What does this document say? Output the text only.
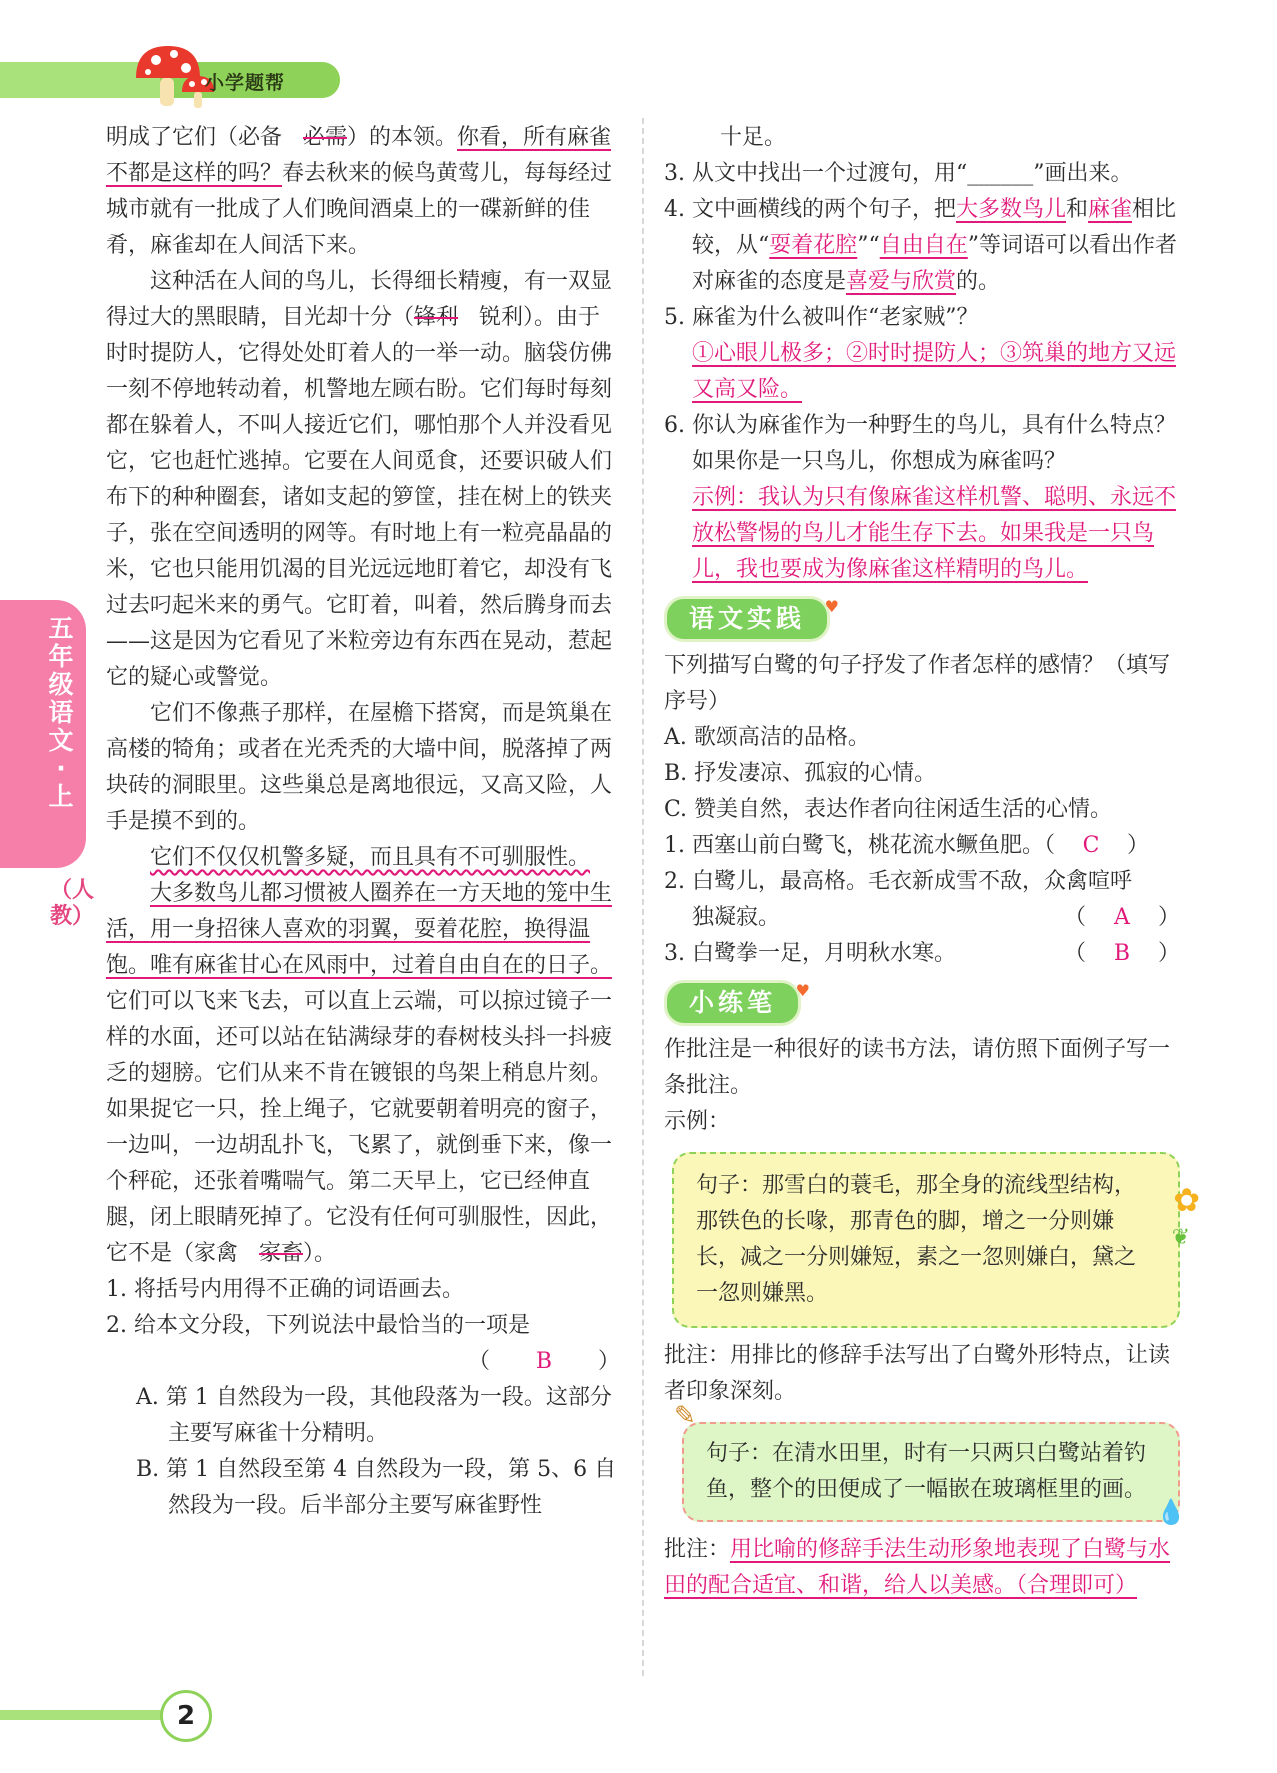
小学题帮
五年级语文·上
（人教）

明成了它们（必备 必需）的本领。你看，所有麻雀不都是这样的吗？春去秋来的候鸟黄莺儿，每每经过城市就有一批成了人们晚间酒桌上的一碟新鲜的佳肴，麻雀却在人间活下来。

这种活在人间的鸟儿，长得细长精瘦，有一双显得过大的黑眼睛，目光却十分（锋利 锐利）。由于时时提防人，它得处处盯着人的一举一动。脑袋仿佛一刻不停地转动着，机警地左顾右盼。它们每时每刻都在躲着人，不叫人接近它们，哪怕那个人并没看见它，它也赶忙逃掉。它要在人间觅食，还要识破人们布下的种种圈套，诸如支起的箩筐，挂在树上的铁夹子，张在空间透明的网等。有时地上有一粒亮晶晶的米，它也只能用饥渴的目光远远地盯着它，却没有飞过去叼起米来的勇气。它盯着，叫着，然后腾身而去——这是因为它看见了米粒旁边有东西在晃动，惹起它的疑心或警觉。

它们不像燕子那样，在屋檐下搭窝，而是筑巢在高楼的犄角；或者在光秃秃的大墙中间，脱落掉了两块砖的洞眼里。这些巢总是离地很远，又高又险，人手是摸不到的。

它们不仅仅机警多疑，而且具有不可驯服性。

大多数鸟儿都习惯被人圈养在一方天地的笼中生活，用一身招徕人喜欢的羽翼，耍着花腔，换得温饱。唯有麻雀甘心在风雨中，过着自由自在的日子。它们可以飞来飞去，可以直上云端，可以掠过镜子一样的水面，还可以站在钻满绿芽的春树枝头抖一抖疲乏的翅膀。它们从来不肯在镀银的鸟架上稍息片刻。如果捉它一只，拴上绳子，它就要朝着明亮的窗子，一边叫，一边胡乱扑飞，飞累了，就倒垂下来，像一个秤砣，还张着嘴喘气。第二天早上，它已经伸直腿，闭上眼睛死掉了。它没有任何可驯服性，因此，它不是（家禽 家畜）。

1. 将括号内用得不正确的词语画去。

2. 给本文分段，下列说法中最恰当的一项是

（ B ）

A. 第 1 自然段为一段，其他段落为一段。这部分主要写麻雀十分精明。

B. 第 1 自然段至第 4 自然段为一段，第 5、6 自然段为一段。后半部分主要写麻雀野性

十足。

3. 从文中找出一个过渡句，用“______”画出来。

4. 文中画横线的两个句子，把大多数鸟儿和麻雀相比较，从“耍着花腔”“自由自在”等词语可以看出作者对麻雀的态度是喜爱与欣赏的。

5. 麻雀为什么被叫作“老家贼”？

①心眼儿极多；②时时提防人；③筑巢的地方又远又高又险。

6. 你认为麻雀作为一种野生的鸟儿，具有什么特点？如果你是一只鸟儿，你想成为麻雀吗？

示例：我认为只有像麻雀这样机警、聪明、永远不放松警惕的鸟儿才能生存下去。如果我是一只鸟儿，我也要成为像麻雀这样精明的鸟儿。

语文实践 ♥

下列描写白鹭的句子抒发了作者怎样的感情？（填写序号）

A. 歌颂高洁的品格。

B. 抒发凄凉、孤寂的心情。

C. 赞美自然，表达作者向往闲适生活的心情。

1. 西塞山前白鹭飞，桃花流水鳜鱼肥。（ C ）

2. 白鹭儿，最高格。毛衣新成雪不敌，众禽喧呼

独凝寂。	（ A ）

3. 白鹭拳一足，月明秋水寒。	（ B ）

小练笔 ♥

作批注是一种很好的读书方法，请仿照下面例子写一条批注。

示例：

句子：那雪白的蓑毛，那全身的流线型结构，那铁色的长喙，那青色的脚，增之一分则嫌长，减之一分则嫌短，素之一忽则嫌白，黛之一忽则嫌黑。

✿
❦

批注：用排比的修辞手法写出了白鹭外形特点，让读者印象深刻。

✎

句子：在清水田里，时有一只两只白鹭站着钓鱼，整个的田便成了一幅嵌在玻璃框里的画。

💧

批注：用比喻的修辞手法生动形象地表现了白鹭与水田的配合适宜、和谐，给人以美感。（合理即可）

2
